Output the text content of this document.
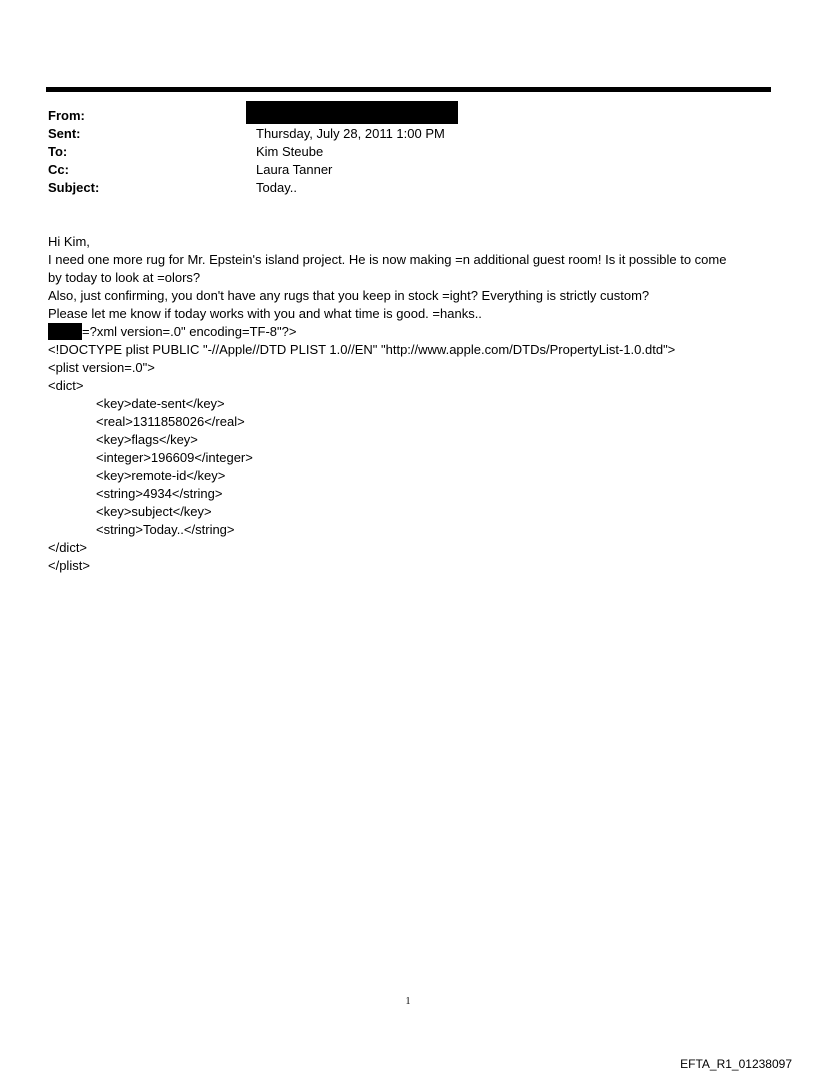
From:
Sent:	Thursday, July 28, 2011 1:00 PM
To:	Kim Steube
Cc:	Laura Tanner
Subject:	Today..
Hi Kim,
I need one more rug for Mr. Epstein's island project. He is now making =n additional guest room! Is it possible to come
by today to look at =olors?
Also, just confirming, you don't have any rugs that you keep in stock =ight? Everything is strictly custom?
Please let me know if today works with you and what time is good. =hanks..
=?xml version=.0" encoding=TF-8"?>
<!DOCTYPE plist PUBLIC "-//Apple//DTD PLIST 1.0//EN" "http://www.apple.com/DTDs/PropertyList-1.0.dtd">
<plist version=.0">
<dict>
<key>date-sent</key>
<real>1311858026</real>
<key>flags</key>
<integer>196609</integer>
<key>remote-id</key>
<string>4934</string>
<key>subject</key>
<string>Today..</string>
</dict>
</plist>
1
EFTA_R1_01238097
